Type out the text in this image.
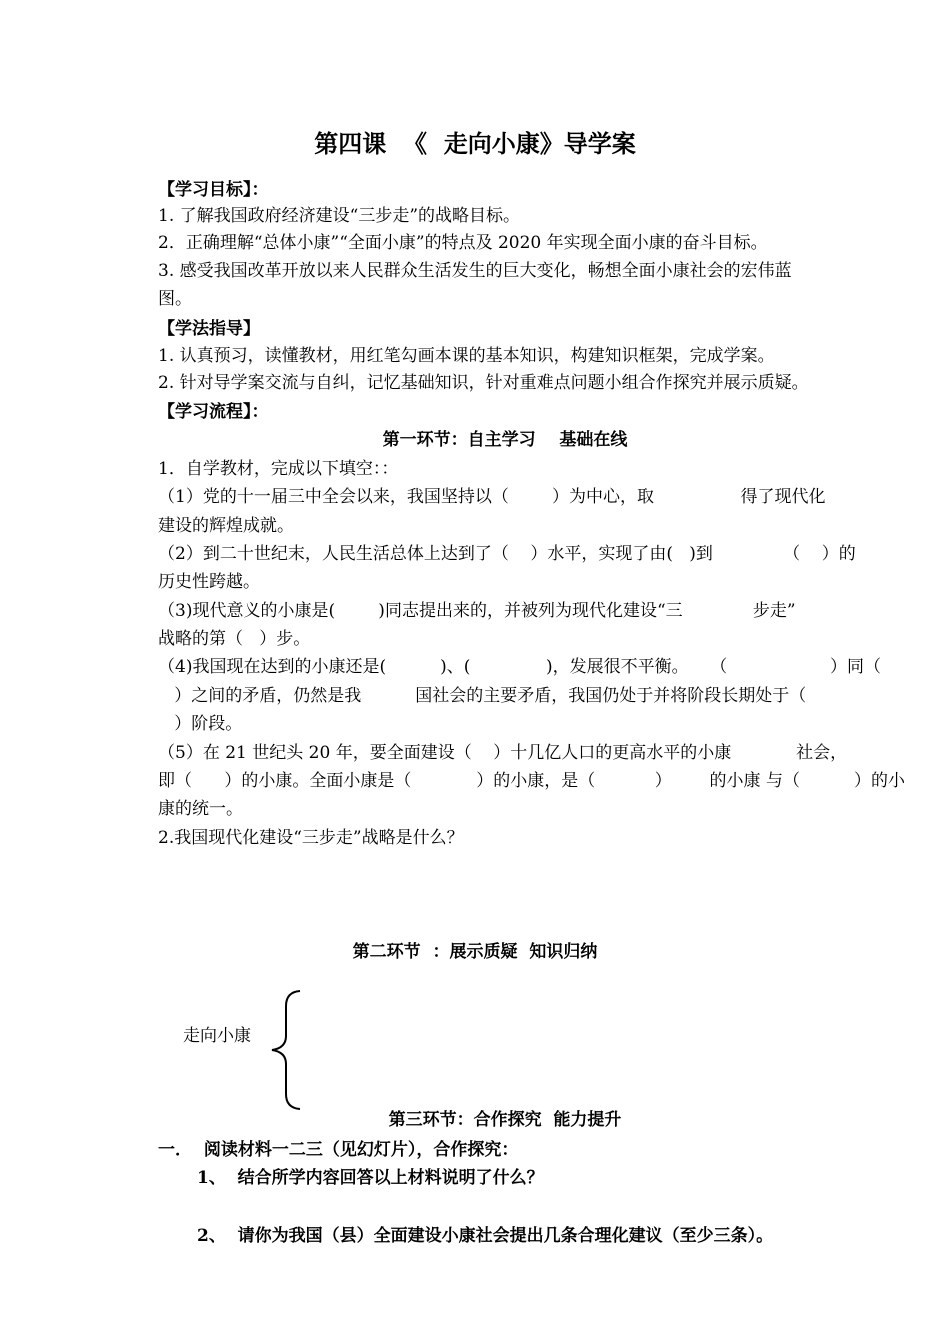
第四课  《  走向小康》导学案
【学习目标】：
1. 了解我国政府经济建设“三步走”的战略目标。
2．正确理解“总体小康”“全面小康”的特点及 2020 年实现全面小康的奋斗目标。
3. 感受我国改革开放以来人民群众生活发生的巨大变化，畅想全面小康社会的宏伟蓝
图。
【学法指导】
1. 认真预习，读懂教材，用红笔勾画本课的基本知识，构建知识框架，完成学案。
2. 针对导学案交流与自纠，记忆基础知识，针对重难点问题小组合作探究并展示质疑。
【学习流程】：
第一环节：自主学习    基础在线
1．自学教材，完成以下填空：：
（1）党的十一届三中全会以来，我国坚持以（        ）为中心，取                得了现代化
建设的辉煌成就。
（2）到二十世纪末，人民生活总体上达到了（    ）水平，实现了由(   )到             （    ）的
历史性跨越。
（3)现代意义的小康是(        )同志提出来的，并被列为现代化建设“三             步走”
战略的第（   ）步。
（4)我国现在达到的小康还是(          )、(              )，发展很不平衡。    （                   ）同（
）之间的矛盾，仍然是我          国社会的主要矛盾，我国仍处于并将阶段长期处于（
）阶段。
（5）在 21 世纪头 20 年，要全面建设（    ）十几亿人口的更高水平的小康            社会，
即（      ）的小康。全面小康是（            ）的小康，是（           ）       的小康 与（          ）的小
康的统一。
2.我国现代化建设“三步走”战略是什么？
第二环节  ：展示质疑  知识归纳
走向小康
第三环节：合作探究  能力提升
一．  阅读材料一二三（见幻灯片），合作探究：
1、  结合所学内容回答以上材料说明了什么？
2、  请你为我国（县）全面建设小康社会提出几条合理化建议（至少三条）。
